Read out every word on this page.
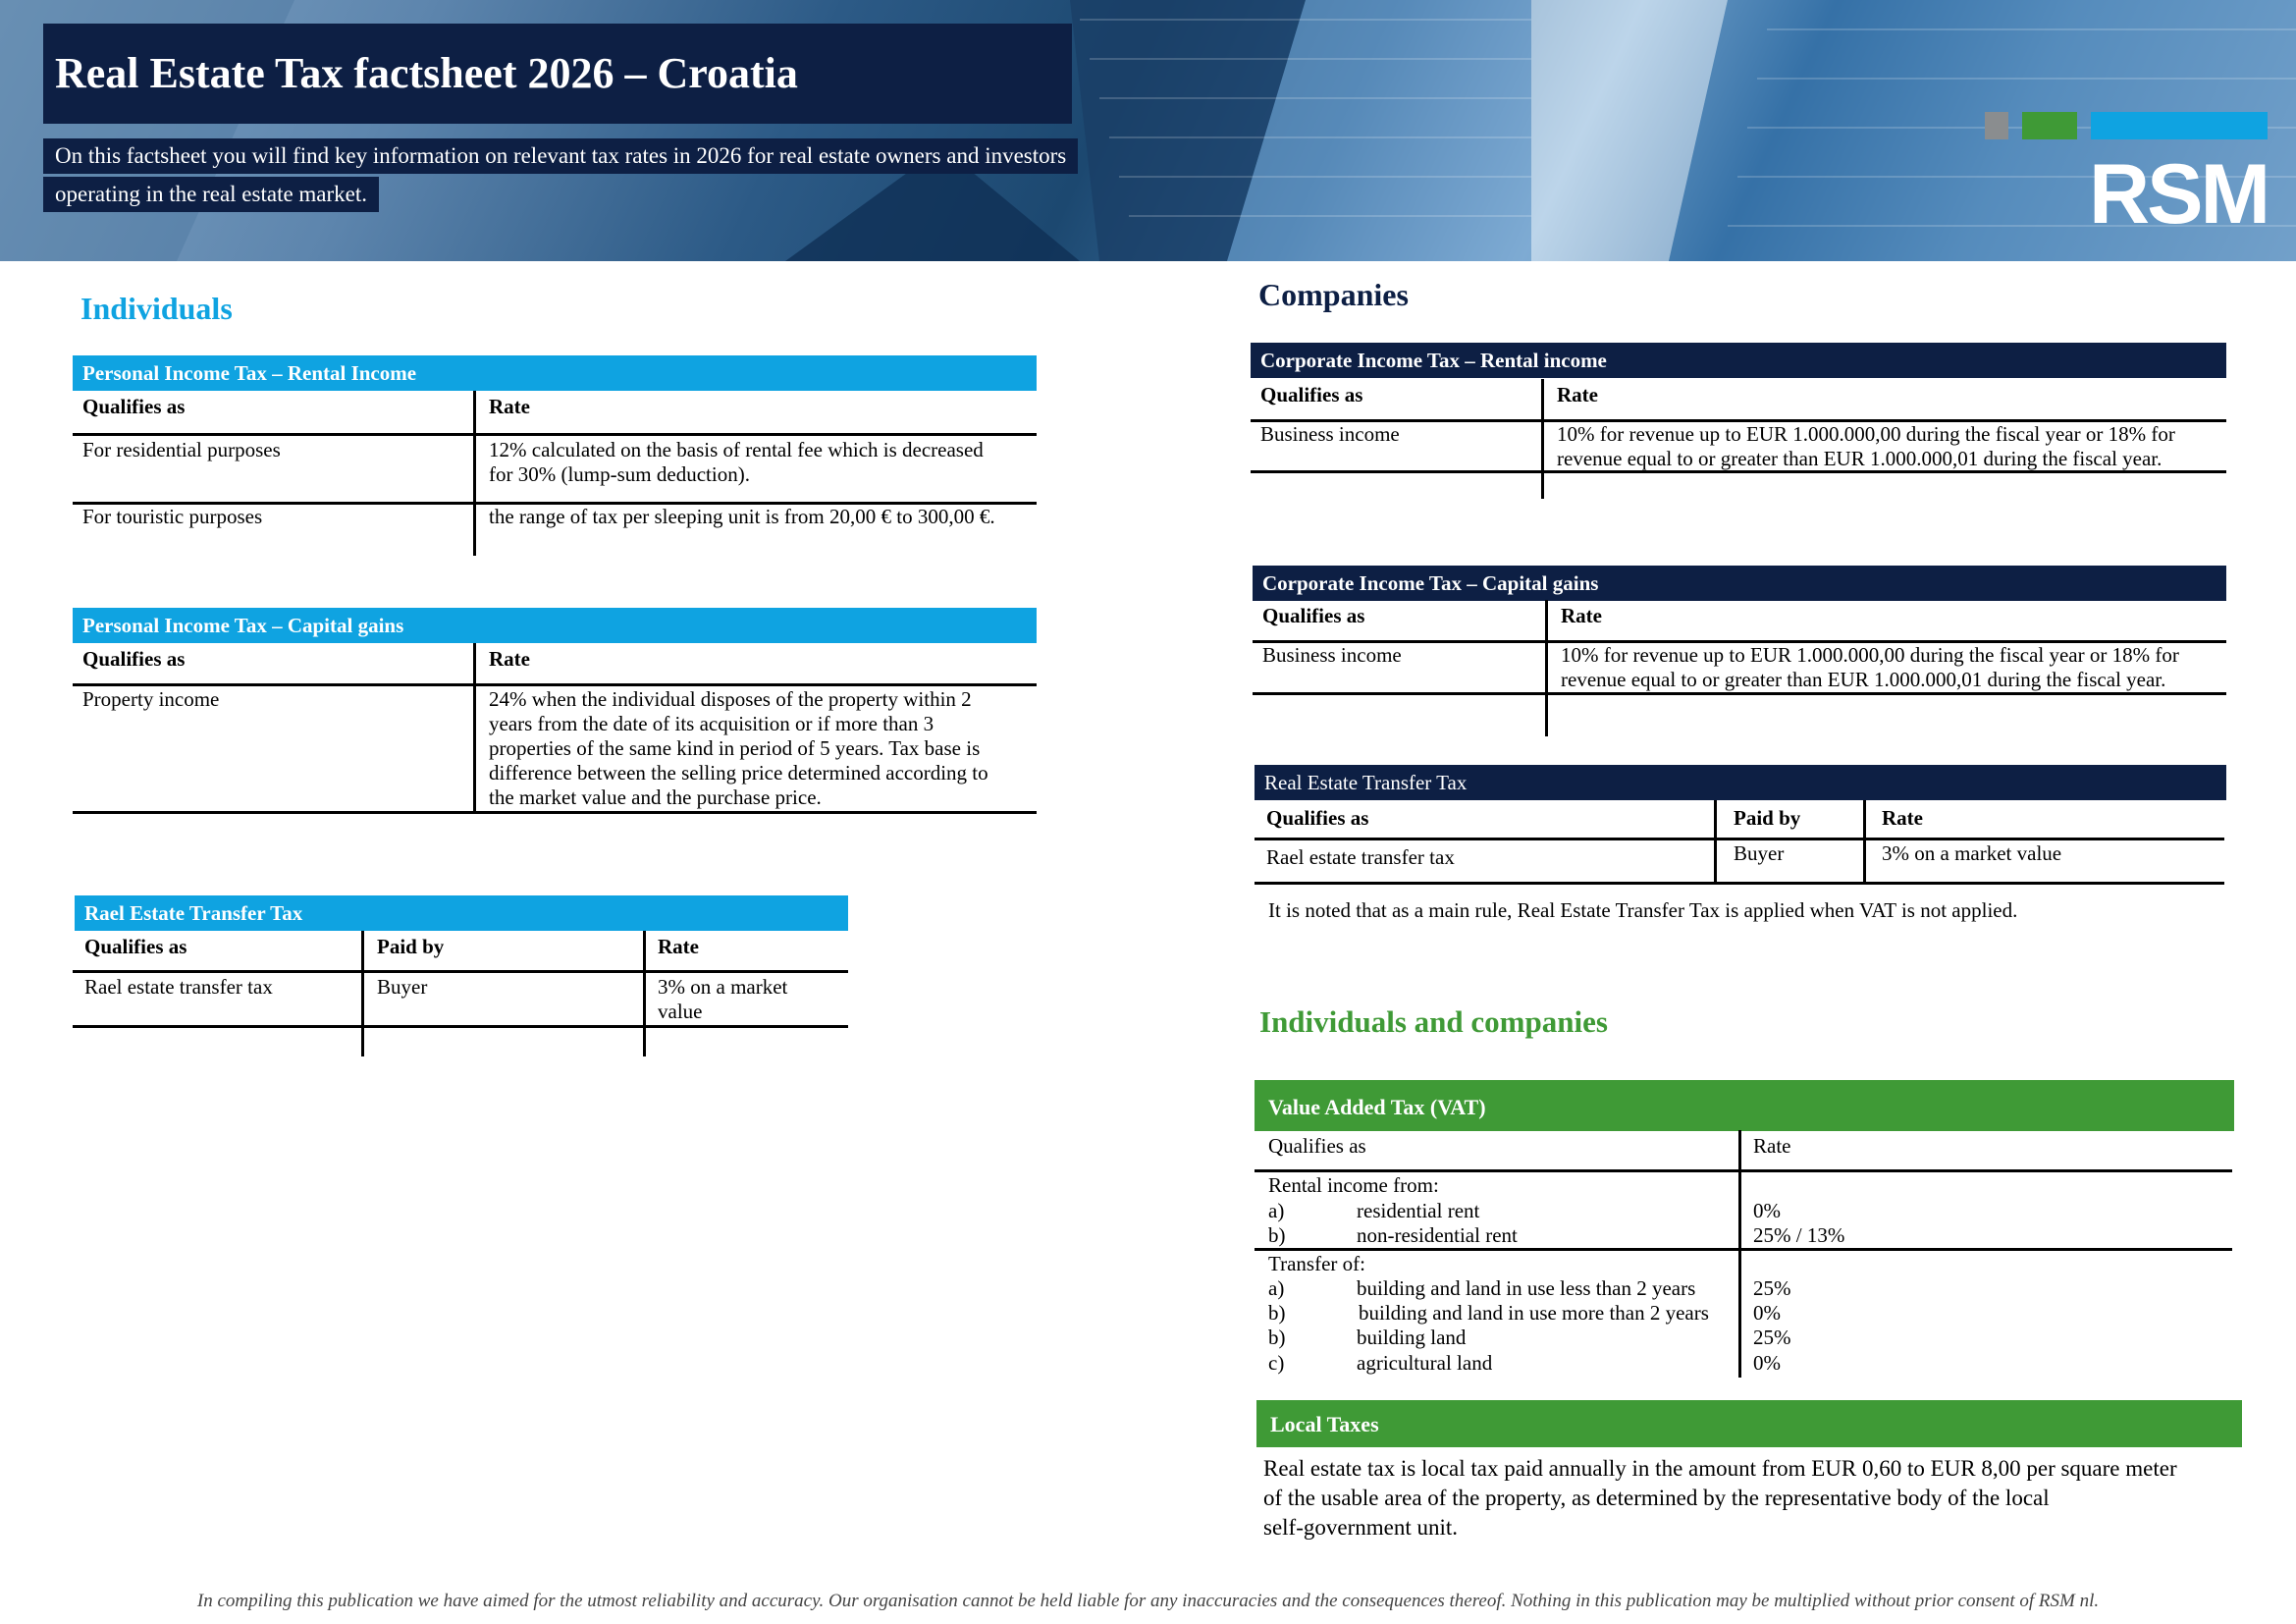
Real Estate Tax factsheet 2026 – Croatia
On this factsheet you will find key information on relevant tax rates in 2026 for real estate owners and investors
operating in the real estate market.	RSM
Individuals
Personal Income Tax – Rental Income
Qualifies as	Rate
For residential purposes	12% calculated on the basis of rental fee which is decreased
for 30% (lump-sum deduction).
For touristic purposes	the range of tax per sleeping unit is from 20,00 € to 300,00 €.
Personal Income Tax – Capital gains
Qualifies as	Rate
Property income	24% when the individual disposes of the property within 2
years from the date of its acquisition or if more than 3
properties of the same kind in period of 5 years. Tax base is
difference between the selling price determined according to
the market value and the purchase price.
Rael Estate Transfer Tax
Qualifies as	Paid by	Rate
Rael estate transfer tax	Buyer	3% on a market
value
Companies
Corporate Income Tax – Rental income
Qualifies as	Rate
Business income	10% for revenue up to EUR 1.000.000,00 during the fiscal year or 18% for
revenue equal to or greater than EUR 1.000.000,01 during the fiscal year.
Corporate Income Tax – Capital gains
Qualifies as	Rate
Business income	10% for revenue up to EUR 1.000.000,00 during the fiscal year or 18% for
revenue equal to or greater than EUR 1.000.000,01 during the fiscal year.
Real Estate Transfer Tax
Qualifies as	Paid by	Rate
Rael estate transfer tax	Buyer	3% on a market value
It is noted that as a main rule, Real Estate Transfer Tax is applied when VAT is not applied.
Individuals and companies
Value Added Tax (VAT)
Qualifies as	Rate
Rental income from:
a)	residential rent	0%
b)	non-residential rent	25% / 13%
Transfer of:
a)	building and land in use less than 2 years	25%
b)	building and land in use more than 2 years 0%
b)	building land	25%
c)	agricultural land	0%
Local Taxes
Real estate tax is local tax paid annually in the amount from EUR 0,60 to EUR 8,00 per square meter
of the usable area of the property, as determined by the representative body of the local
self-government unit.
In compiling this publication we have aimed for the utmost reliability and accuracy. Our organisation cannot be held liable for any inaccuracies and the consequences thereof. Nothing in this publication may be multiplied without prior consent of RSM nl.
